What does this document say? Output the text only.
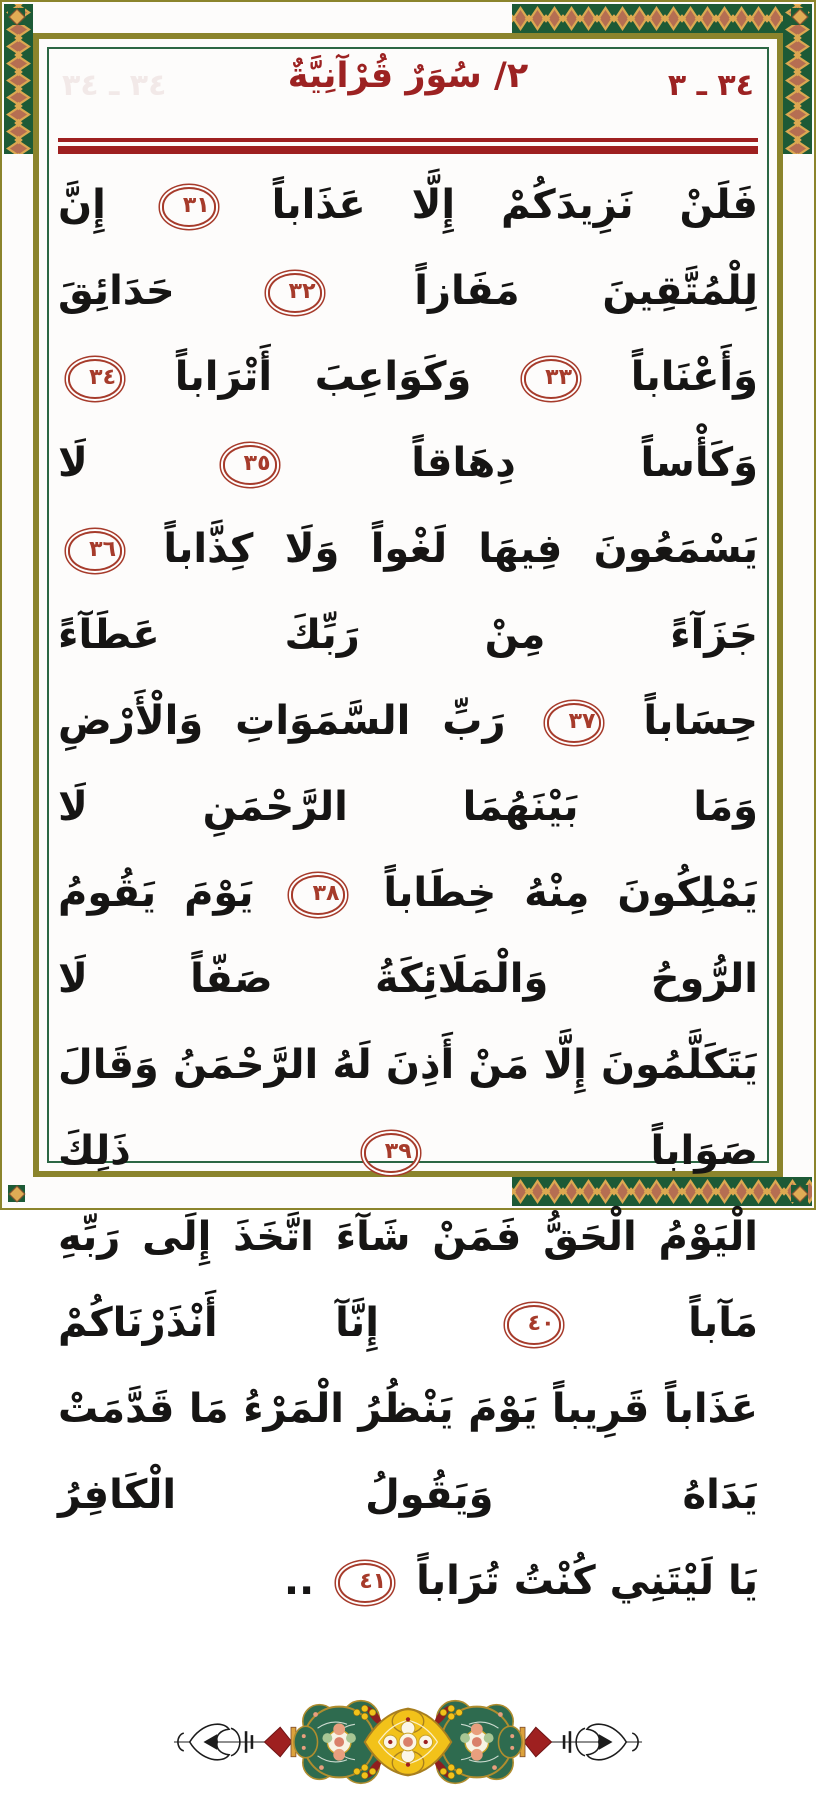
٣٤ ـ ٣٤	٢/ سُوَرٌ قُرْآنِيَّةٌ	٣٤ ـ ٣
فَلَنْ نَزِيدَكُمْ إِلَّا عَذَاباً ٣١ إِنَّ لِلْمُتَّقِينَ مَفَازاً ٣٢ حَدَائِقَ
وَأَعْنَاباً ٣٣ وَكَوَاعِبَ أَتْرَاباً ٣٤ وَكَأْساً دِهَاقاً ٣٥ لَا
يَسْمَعُونَ فِيهَا لَغْواً وَلَا كِذَّاباً ٣٦ جَزَآءً مِنْ رَبِّكَ عَطَآءً
حِسَاباً ٣٧ رَبِّ السَّمَوَاتِ وَالْأَرْضِ وَمَا بَيْنَهُمَا الرَّحْمَنِ لَا
يَمْلِكُونَ مِنْهُ خِطَاباً ٣٨ يَوْمَ يَقُومُ الرُّوحُ وَالْمَلَائِكَةُ صَفّاً لَا
يَتَكَلَّمُونَ إِلَّا مَنْ أَذِنَ لَهُ الرَّحْمَنُ وَقَالَ صَوَاباً ٣٩ ذَلِكَ
الْيَوْمُ الْحَقُّ فَمَنْ شَآءَ اتَّخَذَ إِلَى رَبِّهِ مَآباً ٤٠ إِنَّآ أَنْذَرْنَاكُمْ
عَذَاباً قَرِيباً يَوْمَ يَنْظُرُ الْمَرْءُ مَا قَدَّمَتْ يَدَاهُ وَيَقُولُ الْكَافِرُ
يَا لَيْتَنِي كُنْتُ تُرَاباً ٤١ ..
